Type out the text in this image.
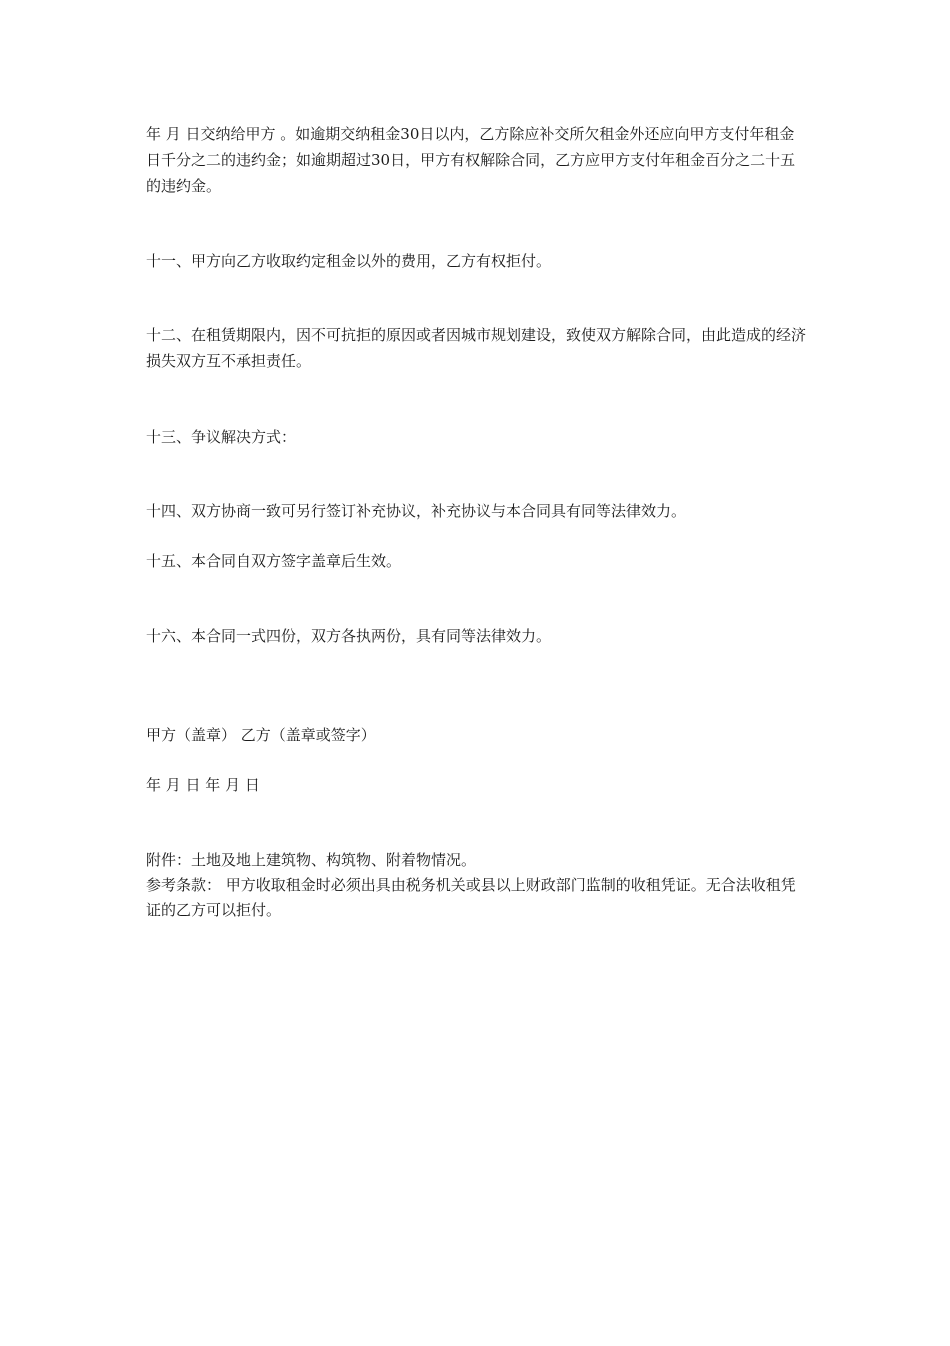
年 月 日交纳给甲方 。如逾期交纳租金30日以内，乙方除应补交所欠租金外还应向甲方支付年租金日千分之二的违约金；如逾期超过30日，甲方有权解除合同，乙方应甲方支付年租金百分之二十五的违约金。

十一、甲方向乙方收取约定租金以外的费用，乙方有权拒付。

十二、在租赁期限内，因不可抗拒的原因或者因城市规划建设，致使双方解除合同，由此造成的经济损失双方互不承担责任。

十三、争议解决方式：

十四、双方协商一致可另行签订补充协议，补充协议与本合同具有同等法律效力。

十五、本合同自双方签字盖章后生效。

十六、本合同一式四份，双方各执两份，具有同等法律效力。

甲方（盖章） 乙方（盖章或签字）

年 月 日 年 月 日

附件：土地及地上建筑物、构筑物、附着物情况。
参考条款： 甲方收取租金时必须出具由税务机关或县以上财政部门监制的收租凭证。无合法收租凭证的乙方可以拒付。
